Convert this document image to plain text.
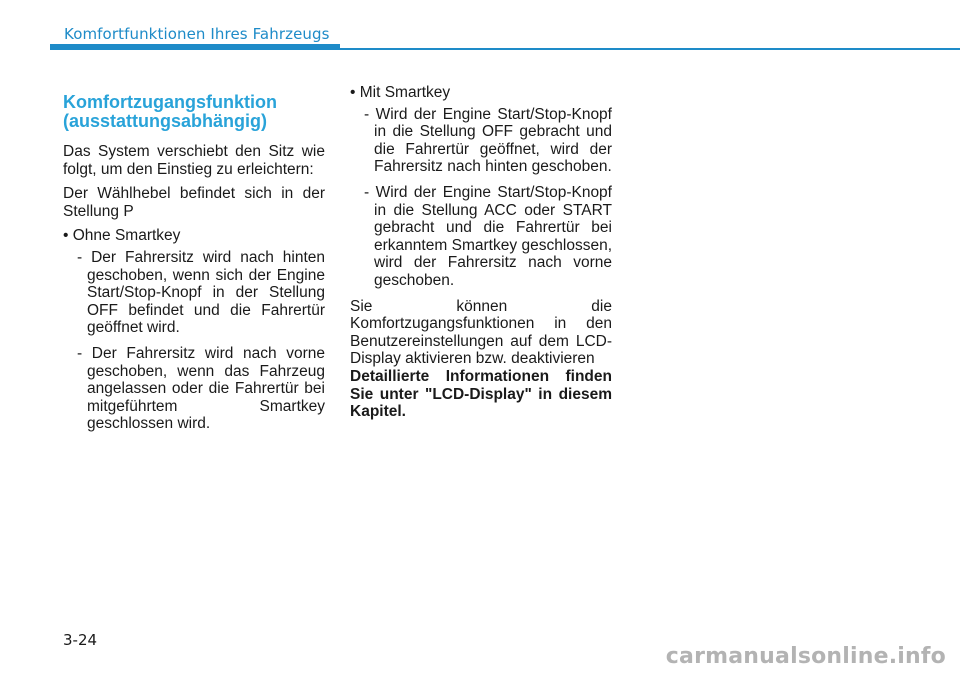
Komfortfunktionen Ihres Fahrzeugs
Komfortzugangsfunktion (ausstattungsabhängig)

Das System verschiebt den Sitz wie folgt, um den Einstieg zu erleichtern:

Der Wählhebel befindet sich in der Stellung P

• Ohne Smartkey
- Der Fahrersitz wird nach hinten geschoben, wenn sich der Engine Start/Stop-Knopf in der Stellung OFF befindet und die Fahrertür geöffnet wird.
- Der Fahrersitz wird nach vorne geschoben, wenn das Fahrzeug angelassen oder die Fahrertür bei mitgeführtem Smartkey geschlossen wird.
• Mit Smartkey
- Wird der Engine Start/Stop-Knopf in die Stellung OFF gebracht und die Fahrertür geöffnet, wird der Fahrersitz nach hinten geschoben.
- Wird der Engine Start/Stop-Knopf in die Stellung ACC oder START gebracht und die Fahrertür bei erkanntem Smartkey geschlossen, wird der Fahrersitz nach vorne geschoben.

Sie können die Komfortzugangsfunktionen in den Benutzereinstellungen auf dem LCD-Display aktivieren bzw. deaktivieren

Detaillierte Informationen finden Sie unter "LCD-Display" in diesem Kapitel.

3-24
carmanualsonline.info
